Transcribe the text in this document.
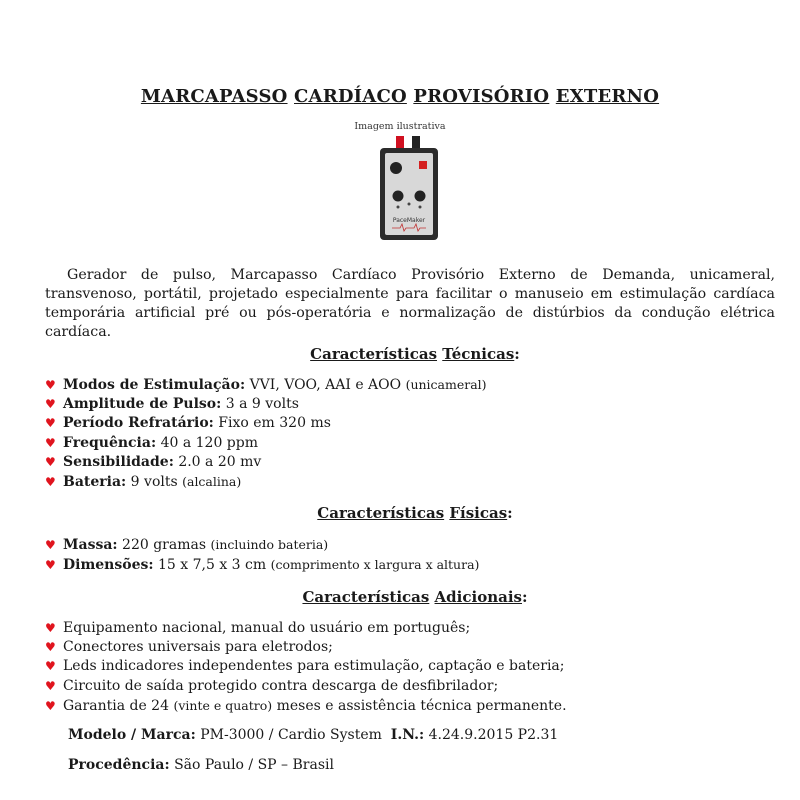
MARCAPASSO CARDÍACO PROVISÓRIO EXTERNO
Imagem ilustrativa
PaceMaker

Gerador de pulso, Marcapasso Cardíaco Provisório Externo de Demanda, unicameral, transvenoso, portátil, projetado especialmente para facilitar o manuseio em estimulação cardíaca temporária artificial pré ou pós-operatória e normalização de distúrbios da condução elétrica cardíaca.

Características Técnicas:
♥ Modos de Estimulação: VVI, VOO, AAI e AOO (unicameral)
♥ Amplitude de Pulso: 3 a 9 volts
♥ Período Refratário: Fixo em 320 ms
♥ Frequência: 40 a 120 ppm
♥ Sensibilidade: 2.0 a 20 mv
♥ Bateria: 9 volts (alcalina)
Características Físicas:
♥ Massa: 220 gramas (incluindo bateria)
♥ Dimensões: 15 x 7,5 x 3 cm (comprimento x largura x altura)
Características Adicionais:
♥ Equipamento nacional, manual do usuário em português;
♥ Conectores universais para eletrodos;
♥ Leds indicadores independentes para estimulação, captação e bateria;
♥ Circuito de saída protegido contra descarga de desfibrilador;
♥ Garantia de 24 (vinte e quatro) meses e assistência técnica permanente.
Modelo / Marca: PM-3000 / Cardio System I.N.: 4.24.9.2015 P2.31
Procedência: São Paulo / SP – Brasil
